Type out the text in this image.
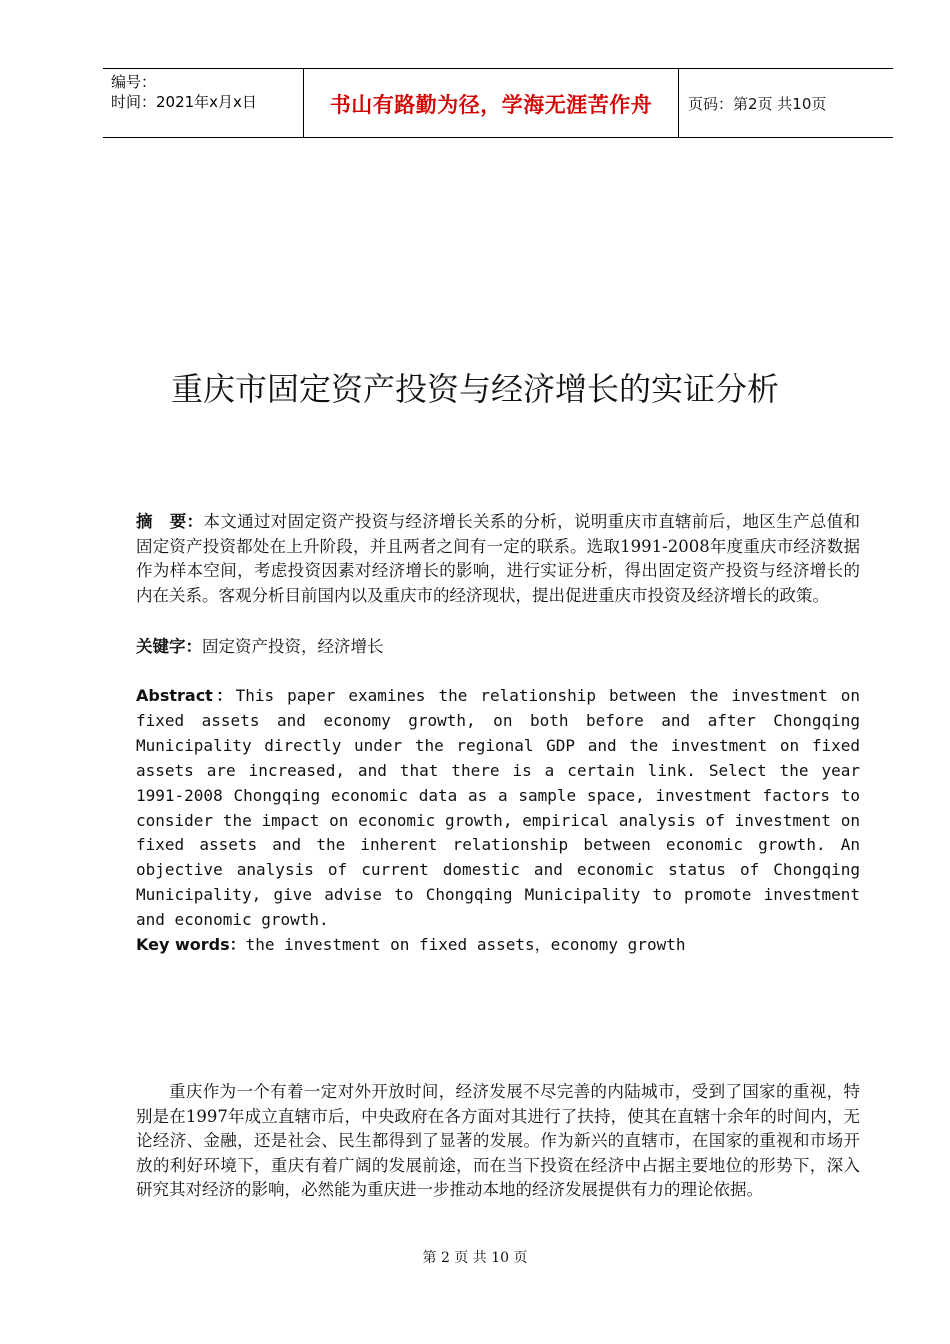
编号：
时间：2021年x月x日	书山有路勤为径，学海无涯苦作舟	页码：第2页 共10页
重庆市固定资产投资与经济增长的实证分析

摘　要：本文通过对固定资产投资与经济增长关系的分析，说明重庆市直辖前后，地区生产总值和固定资产投资都处在上升阶段，并且两者之间有一定的联系。选取1991-2008年度重庆市经济数据作为样本空间，考虑投资因素对经济增长的影响，进行实证分析，得出固定资产投资与经济增长的内在关系。客观分析目前国内以及重庆市的经济现状，提出促进重庆市投资及经济增长的政策。

关键字：固定资产投资，经济增长

Abstract：This paper examines the relationship between the investment on fixed assets and economy growth, on both before and after Chongqing Municipality directly under the regional GDP and the investment on fixed assets are increased, and that there is a certain link. Select the year 1991-2008 Chongqing economic data as a sample space, investment factors to consider the impact on economic growth, empirical analysis of investment on fixed assets and the inherent relationship between economic growth. An objective analysis of current domestic and economic status of Chongqing Municipality, give advise to Chongqing Municipality to promote investment and economic growth.

Key words：the investment on fixed assets，economy growth

重庆作为一个有着一定对外开放时间，经济发展不尽完善的内陆城市，受到了国家的重视，特别是在1997年成立直辖市后，中央政府在各方面对其进行了扶持，使其在直辖十余年的时间内，无论经济、金融，还是社会、民生都得到了显著的发展。作为新兴的直辖市，在国家的重视和市场开放的利好环境下，重庆有着广阔的发展前途，而在当下投资在经济中占据主要地位的形势下，深入研究其对经济的影响，必然能为重庆进一步推动本地的经济发展提供有力的理论依据。

第 2 页 共 10 页
